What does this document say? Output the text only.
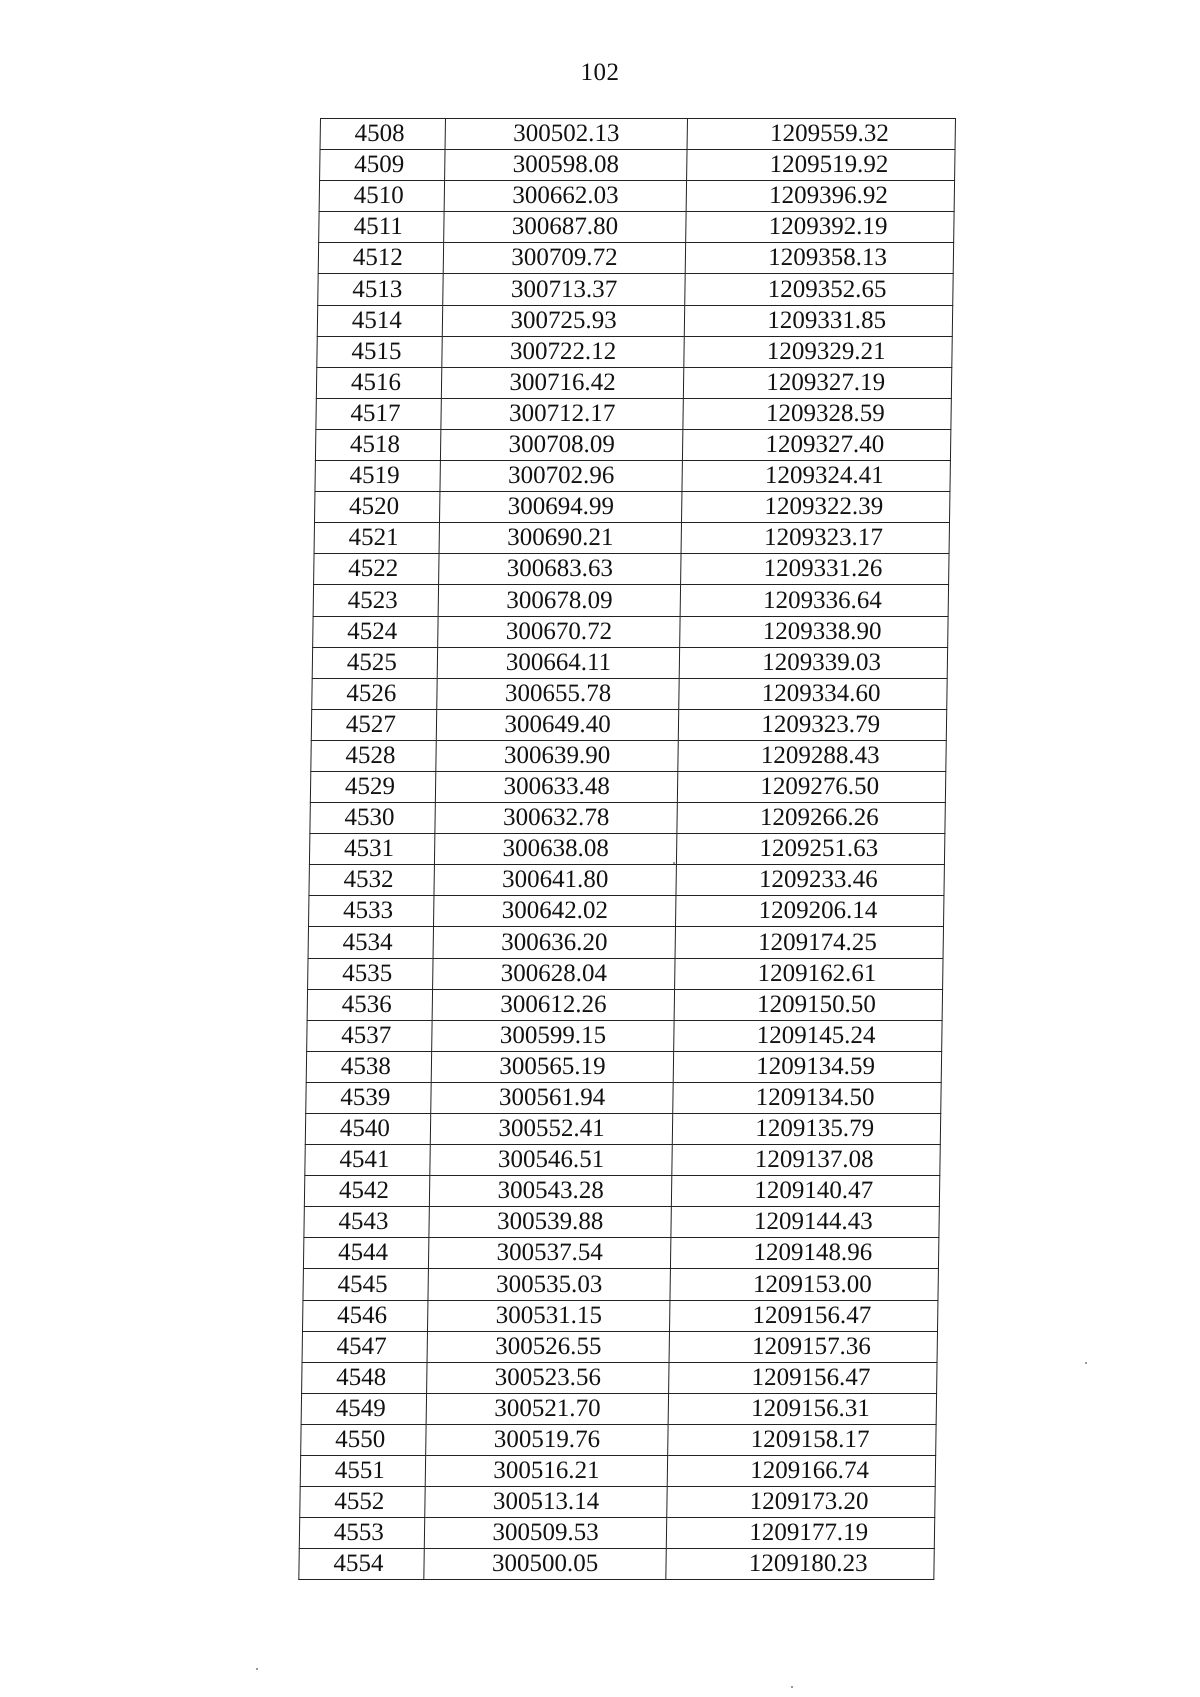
102
4508	300502.13	1209559.32
4509	300598.08	1209519.92
4510	300662.03	1209396.92
4511	300687.80	1209392.19
4512	300709.72	1209358.13
4513	300713.37	1209352.65
4514	300725.93	1209331.85
4515	300722.12	1209329.21
4516	300716.42	1209327.19
4517	300712.17	1209328.59
4518	300708.09	1209327.40
4519	300702.96	1209324.41
4520	300694.99	1209322.39
4521	300690.21	1209323.17
4522	300683.63	1209331.26
4523	300678.09	1209336.64
4524	300670.72	1209338.90
4525	300664.11	1209339.03
4526	300655.78	1209334.60
4527	300649.40	1209323.79
4528	300639.90	1209288.43
4529	300633.48	1209276.50
4530	300632.78	1209266.26
4531	300638.08	1209251.63
4532	300641.80	1209233.46
4533	300642.02	1209206.14
4534	300636.20	1209174.25
4535	300628.04	1209162.61
4536	300612.26	1209150.50
4537	300599.15	1209145.24
4538	300565.19	1209134.59
4539	300561.94	1209134.50
4540	300552.41	1209135.79
4541	300546.51	1209137.08
4542	300543.28	1209140.47
4543	300539.88	1209144.43
4544	300537.54	1209148.96
4545	300535.03	1209153.00
4546	300531.15	1209156.47
4547	300526.55	1209157.36
4548	300523.56	1209156.47
4549	300521.70	1209156.31
4550	300519.76	1209158.17
4551	300516.21	1209166.74
4552	300513.14	1209173.20
4553	300509.53	1209177.19
4554	300500.05	1209180.23
